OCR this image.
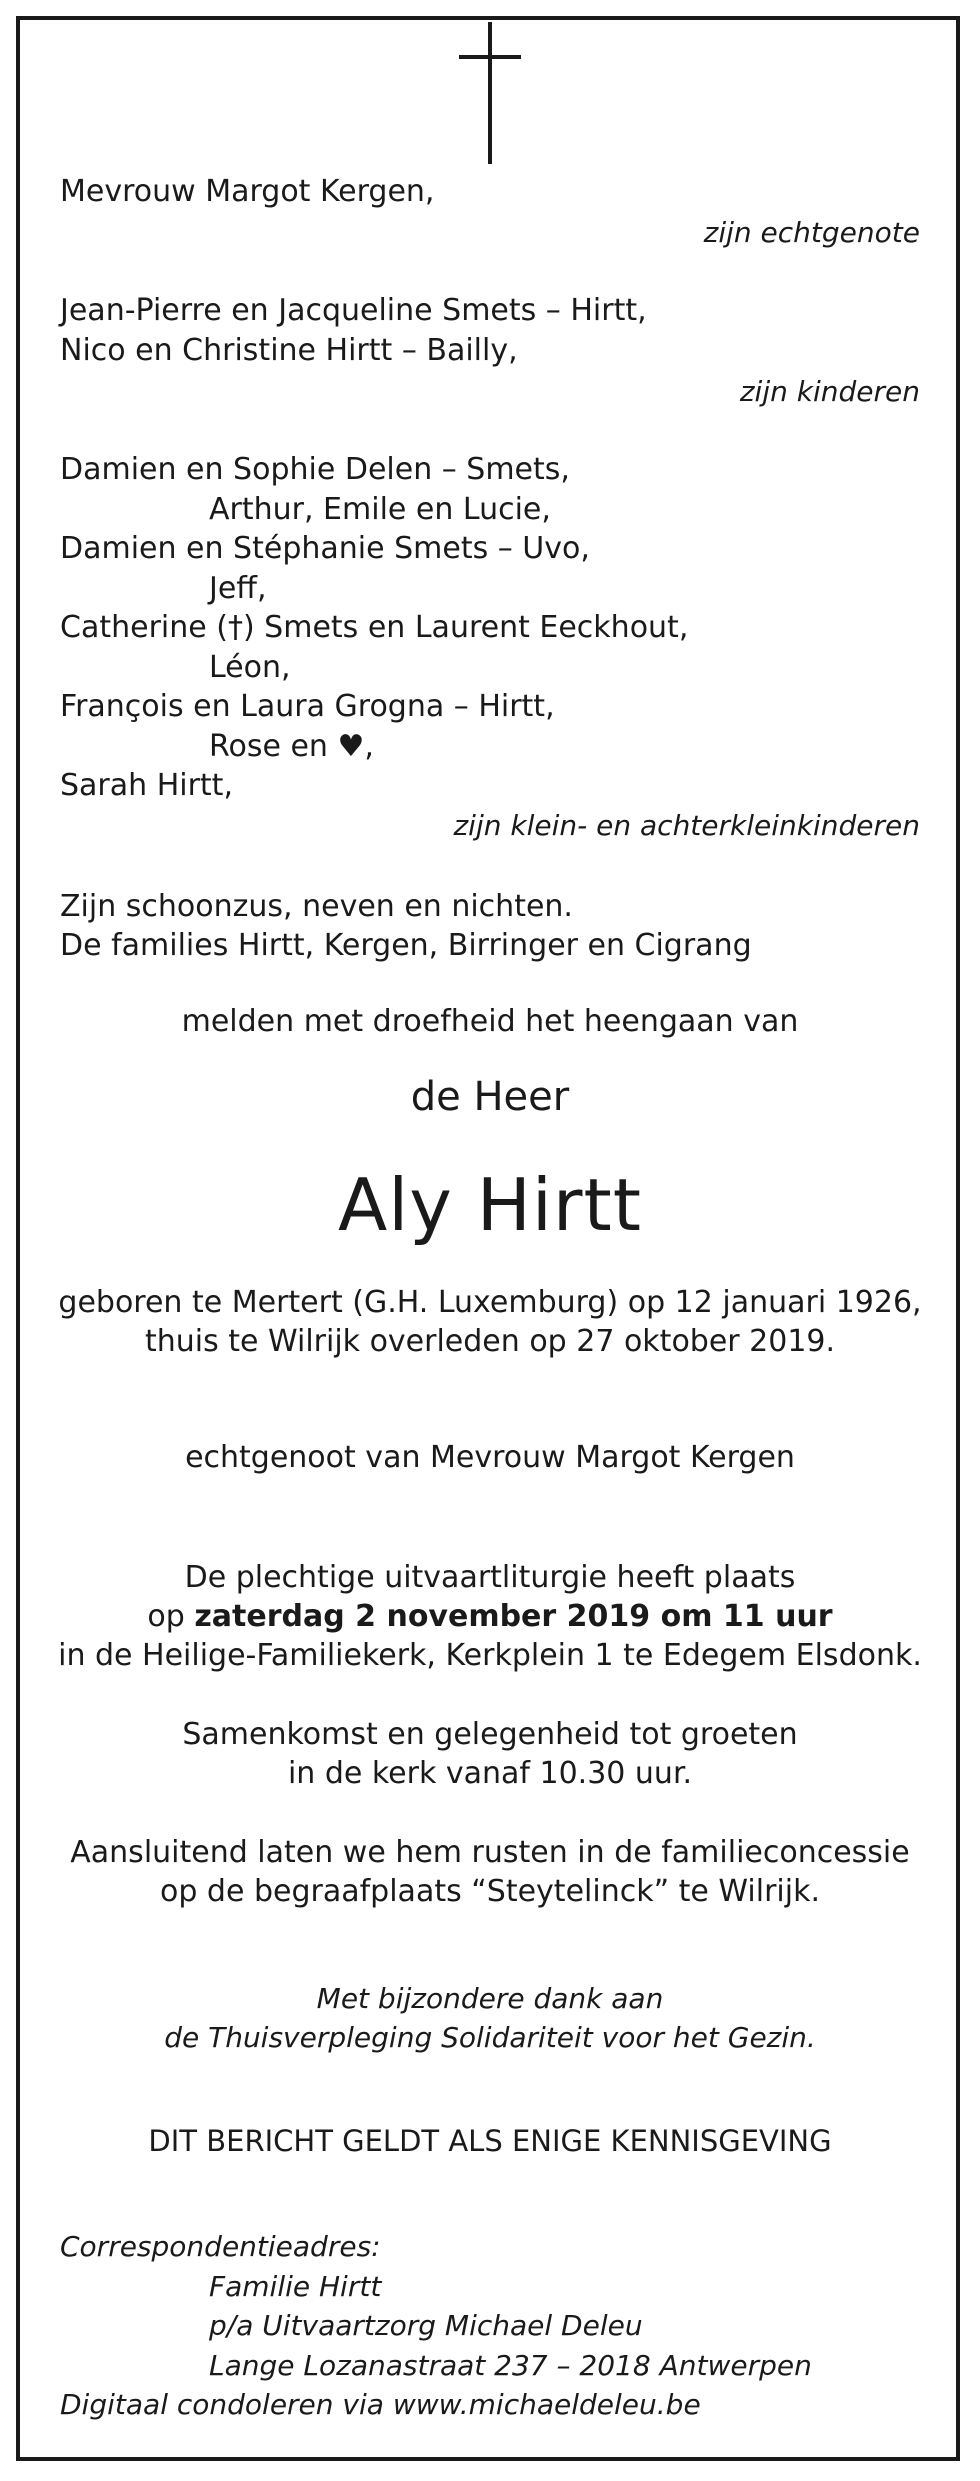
Mevrouw Margot Kergen,

zijn echtgenote

Jean-Pierre en Jacqueline Smets – Hirtt,

Nico en Christine Hirtt – Bailly,

zijn kinderen

Damien en Sophie Delen – Smets,

Arthur, Emile en Lucie,

Damien en Stéphanie Smets – Uvo,

Jeff,

Catherine (†) Smets en Laurent Eeckhout,

Léon,

François en Laura Grogna – Hirtt,

Rose en ♥,

Sarah Hirtt,

zijn klein- en achterkleinkinderen

Zijn schoonzus, neven en nichten.

De families Hirtt, Kergen, Birringer en Cigrang

melden met droefheid het heengaan van

de Heer

Aly Hirtt

geboren te Mertert (G.H. Luxemburg) op 12 januari 1926,

thuis te Wilrijk overleden op 27 oktober 2019.

echtgenoot van Mevrouw Margot Kergen

De plechtige uitvaartliturgie heeft plaats

op zaterdag 2 november 2019 om 11 uur

in de Heilige-Familiekerk, Kerkplein 1 te Edegem Elsdonk.

Samenkomst en gelegenheid tot groeten

in de kerk vanaf 10.30 uur.

Aansluitend laten we hem rusten in de familieconcessie

op de begraafplaats “Steytelinck” te Wilrijk.

Met bijzondere dank aan

de Thuisverpleging Solidariteit voor het Gezin.

DIT BERICHT GELDT ALS ENIGE KENNISGEVING

Correspondentieadres:

Familie Hirtt

p/a Uitvaartzorg Michael Deleu

Lange Lozanastraat 237 – 2018 Antwerpen

Digitaal condoleren via www.michaeldeleu.be
